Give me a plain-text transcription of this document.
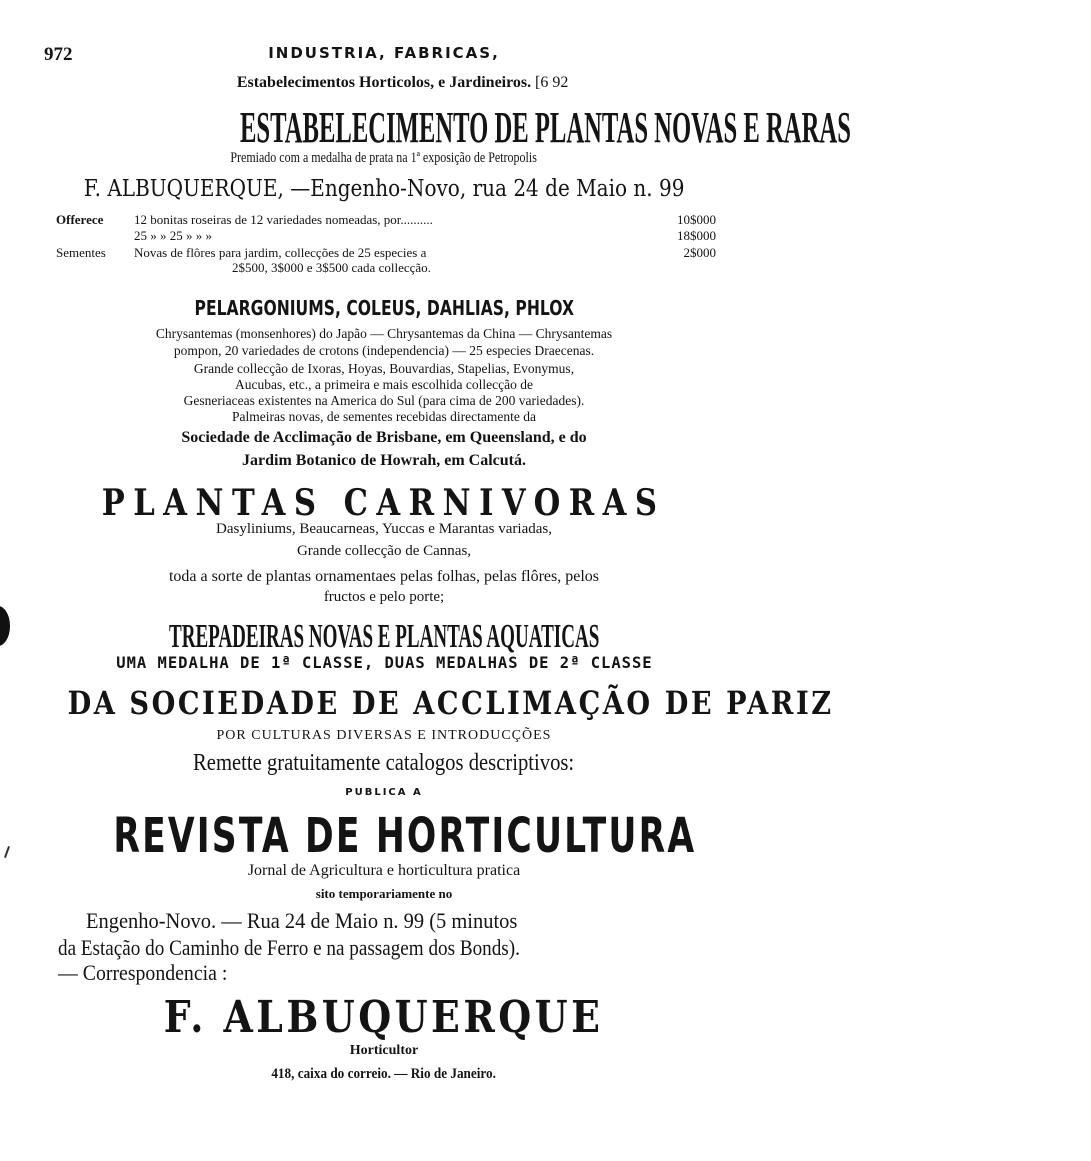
972	INDUSTRIA, FABRICAS,
Estabelecimentos Horticolos, e Jardineiros. [6 92
ESTABELECIMENTO DE PLANTAS NOVAS E RARAS
Premiado com a medalha de prata na 1ª exposição de Petropolis
F. ALBUQUERQUE, —Engenho-Novo, rua 24 de Maio n. 99
Offerece 12 bonitas roseiras de 12 variedades nomeadas, por..........	10$000
25 » » 25 » » »	18$000
Sementes Novas de flôres para jardim, collecções de 25 especies a	2$000
2$500, 3$000 e 3$500 cada collecção.
PELARGONIUMS, COLEUS, DAHLIAS, PHLOX
Chrysantemas (monsenhores) do Japão — Chrysantemas da China — Chrysantemas
pompon, 20 variedades de crotons (independencia) — 25 especies Draecenas.
Grande collecção de Ixoras, Hoyas, Bouvardias, Stapelias, Evonymus,
Aucubas, etc., a primeira e mais escolhida collecção de
Gesneriaceas existentes na America do Sul (para cima de 200 variedades).
Palmeiras novas, de sementes recebidas directamente da
Sociedade de Acclimação de Brisbane, em Queensland, e do
Jardim Botanico de Howrah, em Calcutá.
PLANTAS CARNIVORAS
Dasyliniums, Beaucarneas, Yuccas e Marantas variadas,
Grande collecção de Cannas,
toda a sorte de plantas ornamentaes pelas folhas, pelas flôres, pelos
fructos e pelo porte;
TREPADEIRAS NOVAS E PLANTAS AQUATICAS
UMA MEDALHA DE 1ª CLASSE, DUAS MEDALHAS DE 2ª CLASSE
DA SOCIEDADE DE ACCLIMAÇÃO DE PARIZ
POR CULTURAS DIVERSAS E INTRODUCÇÕES
Remette gratuitamente catalogos descriptivos:
PUBLICA A
REVISTA DE HORTICULTURA
Jornal de Agricultura e horticultura pratica
sito temporariamente no
Engenho-Novo. — Rua 24 de Maio n. 99 (5 minutos
da Estação do Caminho de Ferro e na passagem dos Bonds).
— Correspondencia :
F. ALBUQUERQUE
Horticultor
418, caixa do correio. — Rio de Janeiro.
